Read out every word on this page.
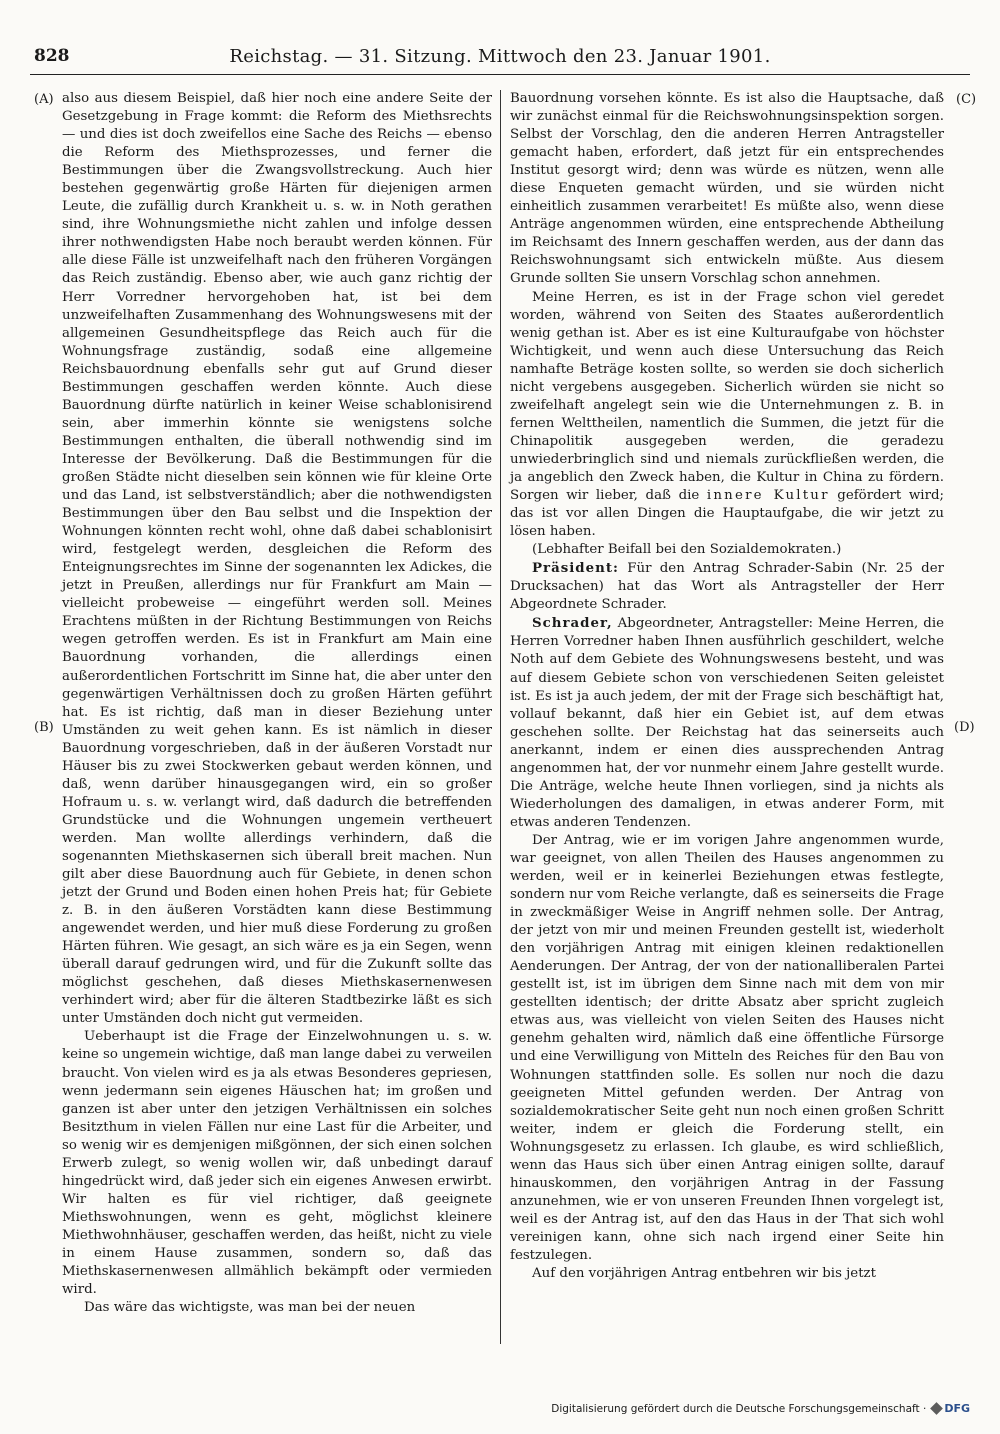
828	Reichstag. — 31. Sitzung. Mittwoch den 23. Januar 1901.
(A)
(B)
(C)
(D)

also aus diesem Beispiel, daß hier noch eine andere Seite der Gesetzgebung in Frage kommt: die Reform des Miethsrechts — und dies ist doch zweifellos eine Sache des Reichs — ebenso die Reform des Miethsprozesses, und ferner die Bestimmungen über die Zwangsvollstreckung. Auch hier bestehen gegenwärtig große Härten für diejenigen armen Leute, die zufällig durch Krankheit u. s. w. in Noth gerathen sind, ihre Wohnungsmiethe nicht zahlen und infolge dessen ihrer nothwendigsten Habe noch beraubt werden können. Für alle diese Fälle ist unzweifelhaft nach den früheren Vorgängen das Reich zuständig. Ebenso aber, wie auch ganz richtig der Herr Vorredner hervorgehoben hat, ist bei dem unzweifelhaften Zusammenhang des Wohnungswesens mit der allgemeinen Gesundheitspflege das Reich auch für die Wohnungsfrage zuständig, sodaß eine allgemeine Reichsbauordnung ebenfalls sehr gut auf Grund dieser Bestimmungen geschaffen werden könnte. Auch diese Bauordnung dürfte natürlich in keiner Weise schablonisirend sein, aber immerhin könnte sie wenigstens solche Bestimmungen enthalten, die überall nothwendig sind im Interesse der Bevölkerung. Daß die Bestimmungen für die großen Städte nicht dieselben sein können wie für kleine Orte und das Land, ist selbstverständlich; aber die nothwendigsten Bestimmungen über den Bau selbst und die Inspektion der Wohnungen könnten recht wohl, ohne daß dabei schablonisirt wird, festgelegt werden, desgleichen die Reform des Enteignungsrechtes im Sinne der sogenannten lex Adickes, die jetzt in Preußen, allerdings nur für Frankfurt am Main — vielleicht probeweise — eingeführt werden soll. Meines Erachtens müßten in der Richtung Bestimmungen von Reichs wegen getroffen werden. Es ist in Frankfurt am Main eine Bauordnung vorhanden, die allerdings einen außerordentlichen Fortschritt im Sinne hat, die aber unter den gegenwärtigen Verhältnissen doch zu großen Härten geführt hat. Es ist richtig, daß man in dieser Beziehung unter Umständen zu weit gehen kann. Es ist nämlich in dieser Bauordnung vorgeschrieben, daß in der äußeren Vorstadt nur Häuser bis zu zwei Stockwerken gebaut werden können, und daß, wenn darüber hinausgegangen wird, ein so großer Hofraum u. s. w. verlangt wird, daß dadurch die betreffenden Grundstücke und die Wohnungen ungemein vertheuert werden. Man wollte allerdings verhindern, daß die sogenannten Miethskasernen sich überall breit machen. Nun gilt aber diese Bauordnung auch für Gebiete, in denen schon jetzt der Grund und Boden einen hohen Preis hat; für Gebiete z. B. in den äußeren Vorstädten kann diese Bestimmung angewendet werden, und hier muß diese Forderung zu großen Härten führen. Wie gesagt, an sich wäre es ja ein Segen, wenn überall darauf gedrungen wird, und für die Zukunft sollte das möglichst geschehen, daß dieses Miethskasernenwesen verhindert wird; aber für die älteren Stadtbezirke läßt es sich unter Umständen doch nicht gut vermeiden.

Ueberhaupt ist die Frage der Einzelwohnungen u. s. w. keine so ungemein wichtige, daß man lange dabei zu verweilen braucht. Von vielen wird es ja als etwas Besonderes gepriesen, wenn jedermann sein eigenes Häuschen hat; im großen und ganzen ist aber unter den jetzigen Verhältnissen ein solches Besitzthum in vielen Fällen nur eine Last für die Arbeiter, und so wenig wir es demjenigen mißgönnen, der sich einen solchen Erwerb zulegt, so wenig wollen wir, daß unbedingt darauf hingedrückt wird, daß jeder sich ein eigenes Anwesen erwirbt. Wir halten es für viel richtiger, daß geeignete Miethswohnungen, wenn es geht, möglichst kleinere Miethwohnhäuser, geschaffen werden, das heißt, nicht zu viele in einem Hause zusammen, sondern so, daß das Miethskasernenwesen allmählich bekämpft oder vermieden wird.

Das wäre das wichtigste, was man bei der neuen

Bauordnung vorsehen könnte. Es ist also die Hauptsache, daß wir zunächst einmal für die Reichswohnungsinspektion sorgen. Selbst der Vorschlag, den die anderen Herren Antragsteller gemacht haben, erfordert, daß jetzt für ein entsprechendes Institut gesorgt wird; denn was würde es nützen, wenn alle diese Enqueten gemacht würden, und sie würden nicht einheitlich zusammen verarbeitet! Es müßte also, wenn diese Anträge angenommen würden, eine entsprechende Abtheilung im Reichsamt des Innern geschaffen werden, aus der dann das Reichswohnungsamt sich entwickeln müßte. Aus diesem Grunde sollten Sie unsern Vorschlag schon annehmen.

Meine Herren, es ist in der Frage schon viel geredet worden, während von Seiten des Staates außerordentlich wenig gethan ist. Aber es ist eine Kulturaufgabe von höchster Wichtigkeit, und wenn auch diese Untersuchung das Reich namhafte Beträge kosten sollte, so werden sie doch sicherlich nicht vergebens ausgegeben. Sicherlich würden sie nicht so zweifelhaft angelegt sein wie die Unternehmungen z. B. in fernen Welttheilen, namentlich die Summen, die jetzt für die Chinapolitik ausgegeben werden, die geradezu unwiederbringlich sind und niemals zurückfließen werden, die ja angeblich den Zweck haben, die Kultur in China zu fördern. Sorgen wir lieber, daß die innere Kultur gefördert wird; das ist vor allen Dingen die Hauptaufgabe, die wir jetzt zu lösen haben.

(Lebhafter Beifall bei den Sozialdemokraten.)

Präsident: Für den Antrag Schrader-Sabin (Nr. 25 der Drucksachen) hat das Wort als Antragsteller der Herr Abgeordnete Schrader.

Schrader, Abgeordneter, Antragsteller: Meine Herren, die Herren Vorredner haben Ihnen ausführlich geschildert, welche Noth auf dem Gebiete des Wohnungswesens besteht, und was auf diesem Gebiete schon von verschiedenen Seiten geleistet ist. Es ist ja auch jedem, der mit der Frage sich beschäftigt hat, vollauf bekannt, daß hier ein Gebiet ist, auf dem etwas geschehen sollte. Der Reichstag hat das seinerseits auch anerkannt, indem er einen dies aussprechenden Antrag angenommen hat, der vor nunmehr einem Jahre gestellt wurde. Die Anträge, welche heute Ihnen vorliegen, sind ja nichts als Wiederholungen des damaligen, in etwas anderer Form, mit etwas anderen Tendenzen.

Der Antrag, wie er im vorigen Jahre angenommen wurde, war geeignet, von allen Theilen des Hauses angenommen zu werden, weil er in keinerlei Beziehungen etwas festlegte, sondern nur vom Reiche verlangte, daß es seinerseits die Frage in zweckmäßiger Weise in Angriff nehmen solle. Der Antrag, der jetzt von mir und meinen Freunden gestellt ist, wiederholt den vorjährigen Antrag mit einigen kleinen redaktionellen Aenderungen. Der Antrag, der von der nationalliberalen Partei gestellt ist, ist im übrigen dem Sinne nach mit dem von mir gestellten identisch; der dritte Absatz aber spricht zugleich etwas aus, was vielleicht von vielen Seiten des Hauses nicht genehm gehalten wird, nämlich daß eine öffentliche Fürsorge und eine Verwilligung von Mitteln des Reiches für den Bau von Wohnungen stattfinden solle. Es sollen nur noch die dazu geeigneten Mittel gefunden werden. Der Antrag von sozialdemokratischer Seite geht nun noch einen großen Schritt weiter, indem er gleich die Forderung stellt, ein Wohnungsgesetz zu erlassen. Ich glaube, es wird schließlich, wenn das Haus sich über einen Antrag einigen sollte, darauf hinauskommen, den vorjährigen Antrag in der Fassung anzunehmen, wie er von unseren Freunden Ihnen vorgelegt ist, weil es der Antrag ist, auf den das Haus in der That sich wohl vereinigen kann, ohne sich nach irgend einer Seite hin festzulegen.

Auf den vorjährigen Antrag entbehren wir bis jetzt

Digitalisierung gefördert durch die Deutsche Forschungsgemeinschaft · DFG
